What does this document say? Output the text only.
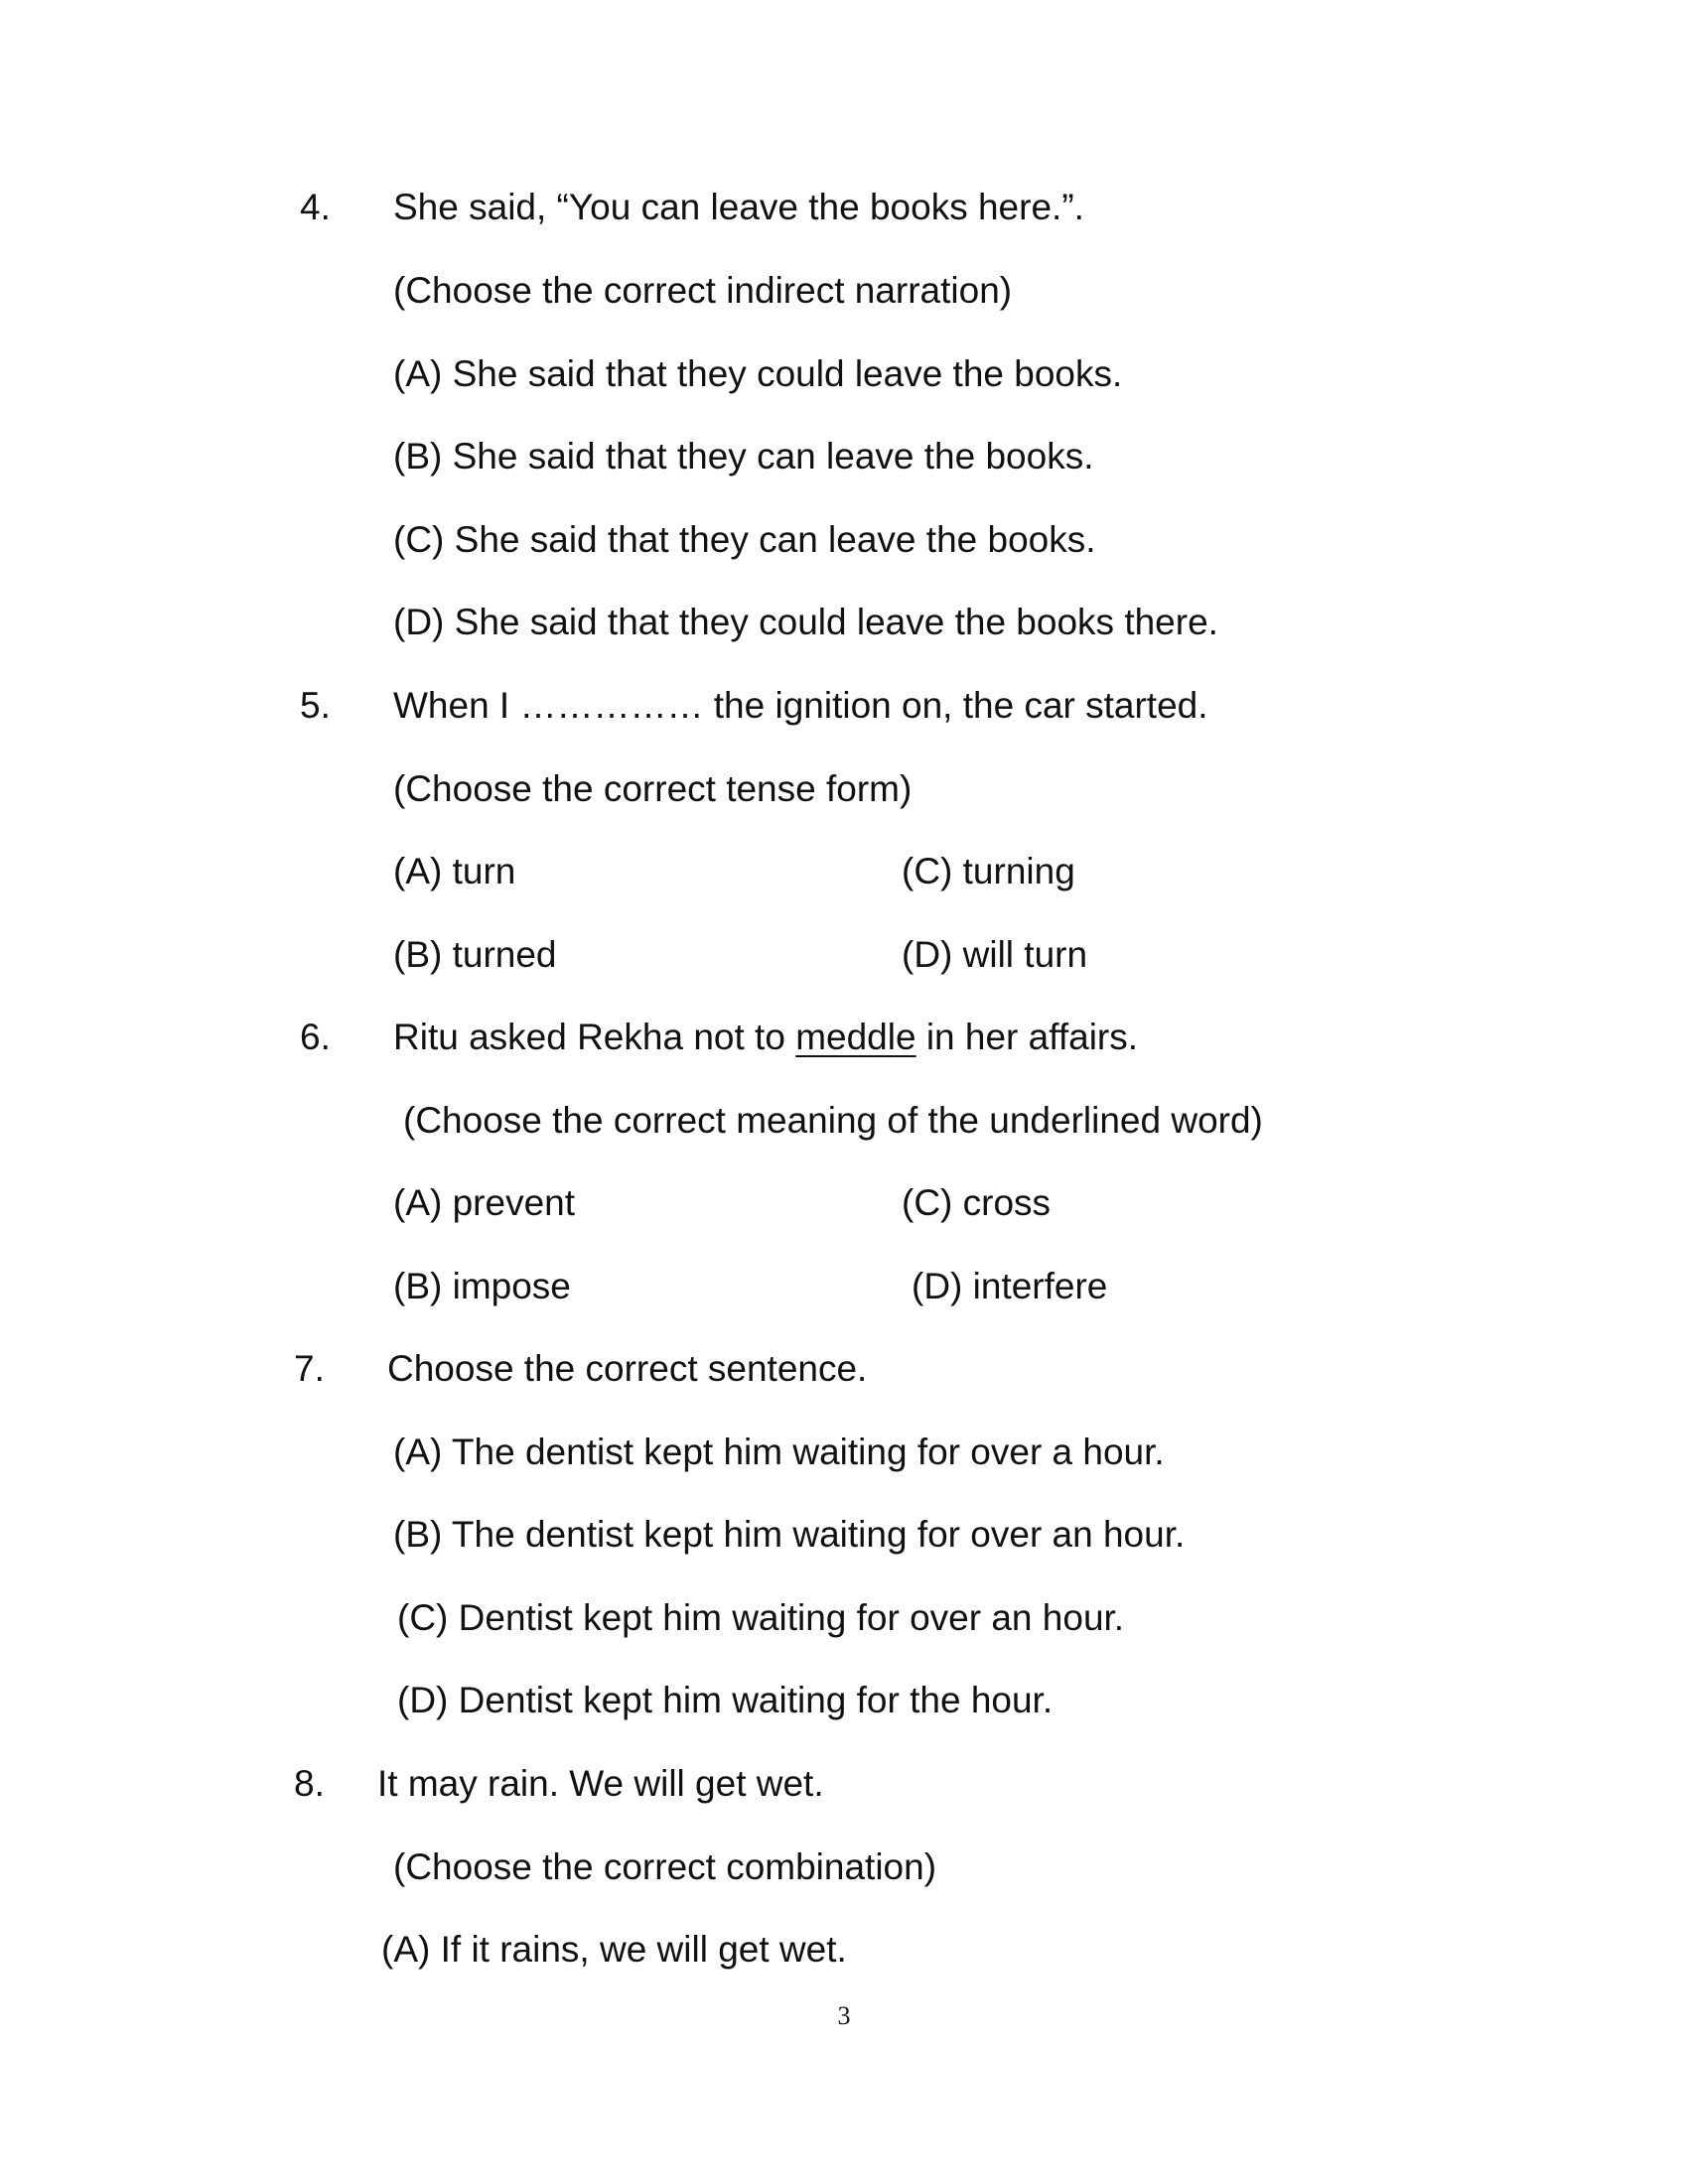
4. She said, “You can leave the books here.”.
(Choose the correct indirect narration)
(A) She said that they could leave the books.
(B) She said that they can leave the books.
(C) She said that they can leave the books.
(D) She said that they could leave the books there.
5. When I …………… the ignition on, the car started.
(Choose the correct tense form)
(A) turn	(C) turning
(B) turned	(D) will turn
6. Ritu asked Rekha not to meddle in her affairs.
(Choose the correct meaning of the underlined word)
(A) prevent	(C) cross
(B) impose	(D) interfere
7. Choose the correct sentence.
(A) The dentist kept him waiting for over a hour.
(B) The dentist kept him waiting for over an hour.
(C) Dentist kept him waiting for over an hour.
(D) Dentist kept him waiting for the hour.
8. It may rain. We will get wet.
(Choose the correct combination)
(A) If it rains, we will get wet.
3
